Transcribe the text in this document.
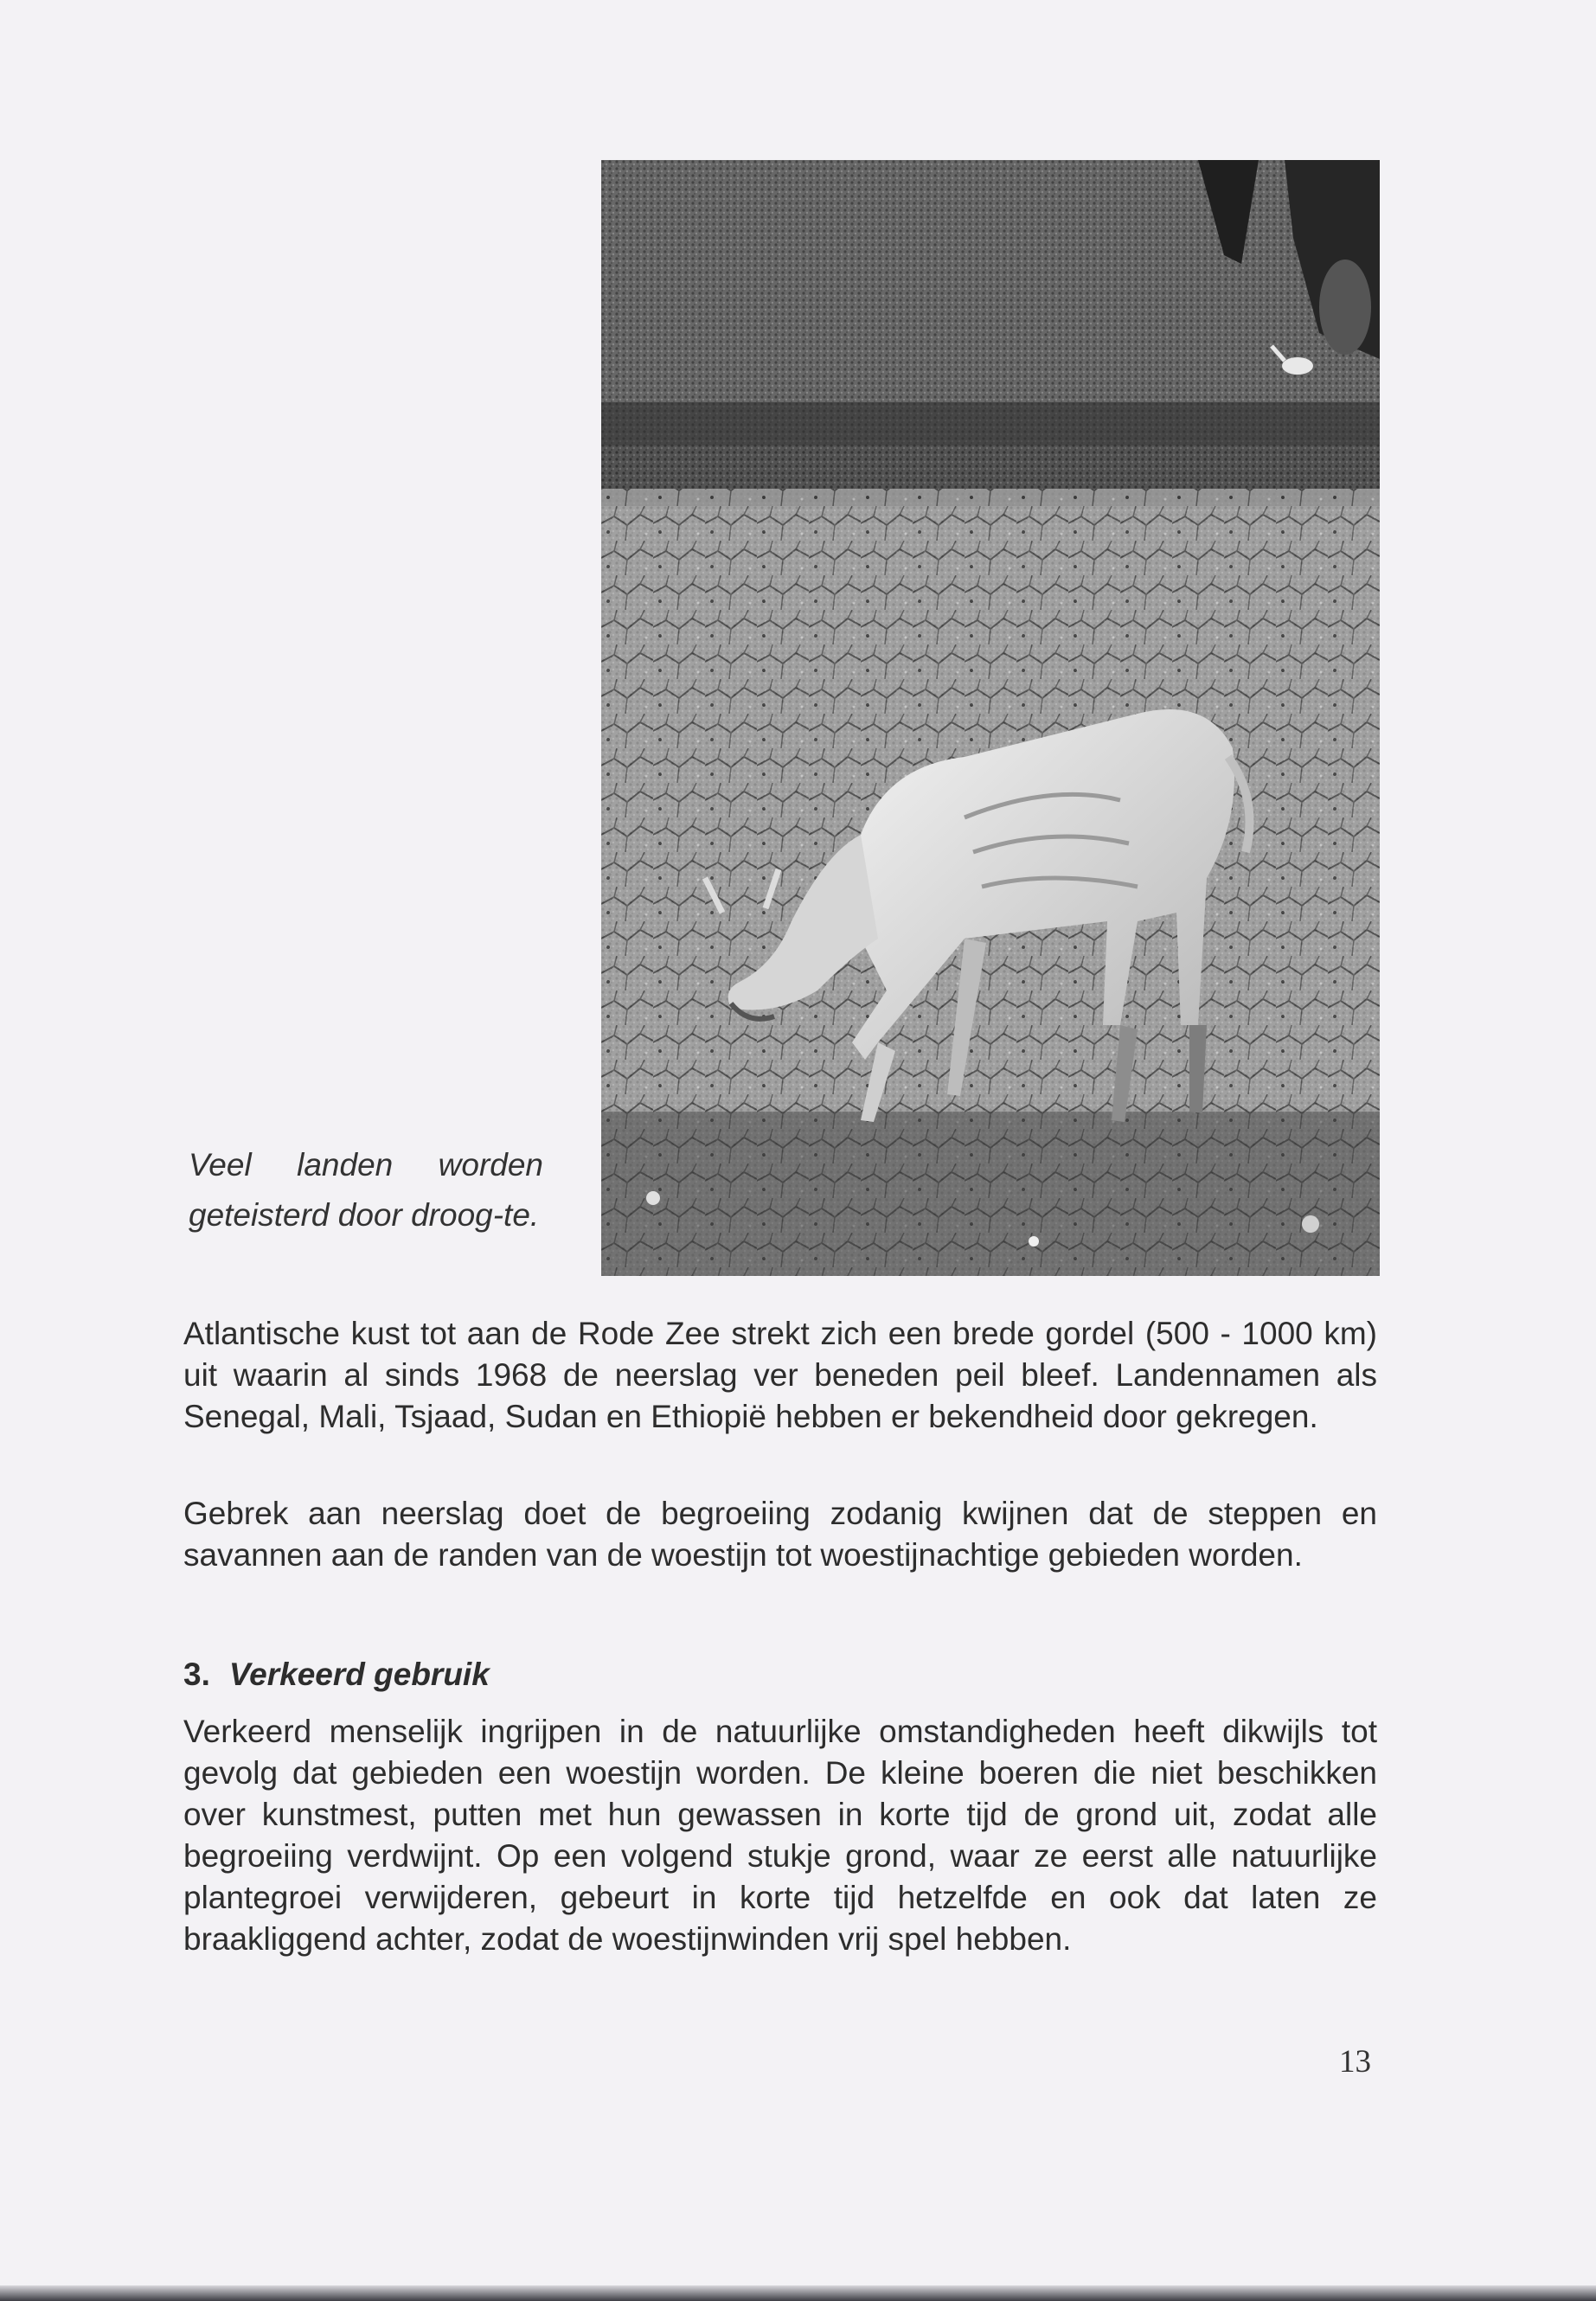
Veel landen worden geteisterd door droog-te.

Atlantische kust tot aan de Rode Zee strekt zich een brede gordel (500 - 1000 km) uit waarin al sinds 1968 de neerslag ver beneden peil bleef. Landennamen als Senegal, Mali, Tsjaad, Sudan en Ethiopië hebben er bekendheid door gekregen.

Gebrek aan neerslag doet de begroeiing zodanig kwijnen dat de steppen en savannen aan de randen van de woestijn tot woestijnachtige gebieden worden.

3. Verkeerd gebruik

Verkeerd menselijk ingrijpen in de natuurlijke omstandigheden heeft dikwijls tot gevolg dat gebieden een woestijn worden. De kleine boeren die niet beschikken over kunstmest, putten met hun gewassen in korte tijd de grond uit, zodat alle begroeiing verdwijnt. Op een volgend stukje grond, waar ze eerst alle natuurlijke plantegroei verwijderen, gebeurt in korte tijd hetzelfde en ook dat laten ze braakliggend achter, zodat de woestijnwinden vrij spel hebben.

13
